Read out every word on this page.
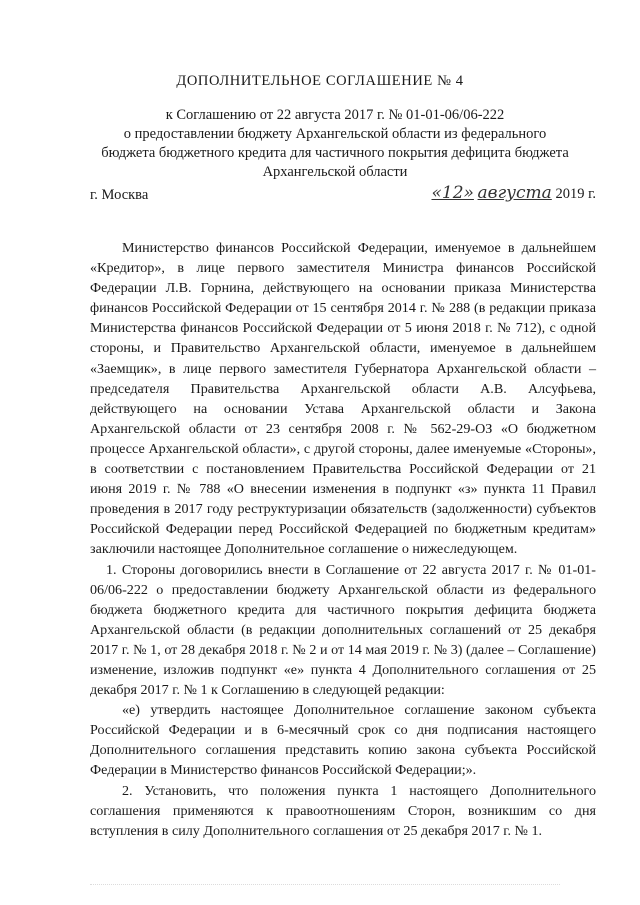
ДОПОЛНИТЕЛЬНОЕ СОГЛАШЕНИЕ № 4
к Соглашению от 22 августа 2017 г. № 01-01-06/06-222
о предоставлении бюджету Архангельской области из федерального
бюджета бюджетного кредита для частичного покрытия дефицита бюджета
Архангельской области
г. Москва	«12» августа 2019 г.

Министерство финансов Российской Федерации, именуемое в дальнейшем «Кредитор», в лице первого заместителя Министра финансов Российской Федерации Л.В. Горнина, действующего на основании приказа Министерства финансов Российской Федерации от 15 сентября 2014 г. № 288 (в редакции приказа Министерства финансов Российской Федерации от 5 июня 2018 г. № 712), с одной стороны, и Правительство Архангельской области, именуемое в дальнейшем «Заемщик», в лице первого заместителя Губернатора Архангельской области – председателя Правительства Архангельской области А.В. Алсуфьева, действующего на основании Устава Архангельской области и Закона Архангельской области от 23 сентября 2008 г. № 562-29-ОЗ «О бюджетном процессе Архангельской области», с другой стороны, далее именуемые «Стороны», в соответствии с постановлением Правительства Российской Федерации от 21 июня 2019 г. № 788 «О внесении изменения в подпункт «з» пункта 11 Правил проведения в 2017 году реструктуризации обязательств (задолженности) субъектов Российской Федерации перед Российской Федерацией по бюджетным кредитам» заключили настоящее Дополнительное соглашение о нижеследующем.

1. Стороны договорились внести в Соглашение от 22 августа 2017 г. № 01-01-06/06-222 о предоставлении бюджету Архангельской области из федерального бюджета бюджетного кредита для частичного покрытия дефицита бюджета Архангельской области (в редакции дополнительных соглашений от 25 декабря 2017 г. № 1, от 28 декабря 2018 г. № 2 и от 14 мая 2019 г. № 3) (далее – Соглашение) изменение, изложив подпункт «е» пункта 4 Дополнительного соглашения от 25 декабря 2017 г. № 1 к Соглашению в следующей редакции:

«е) утвердить настоящее Дополнительное соглашение законом субъекта Российской Федерации и в 6-месячный срок со дня подписания настоящего Дополнительного соглашения представить копию закона субъекта Российской Федерации в Министерство финансов Российской Федерации;».

2. Установить, что положения пункта 1 настоящего Дополнительного соглашения применяются к правоотношениям Сторон, возникшим со дня вступления в силу Дополнительного соглашения от 25 декабря 2017 г. № 1.
